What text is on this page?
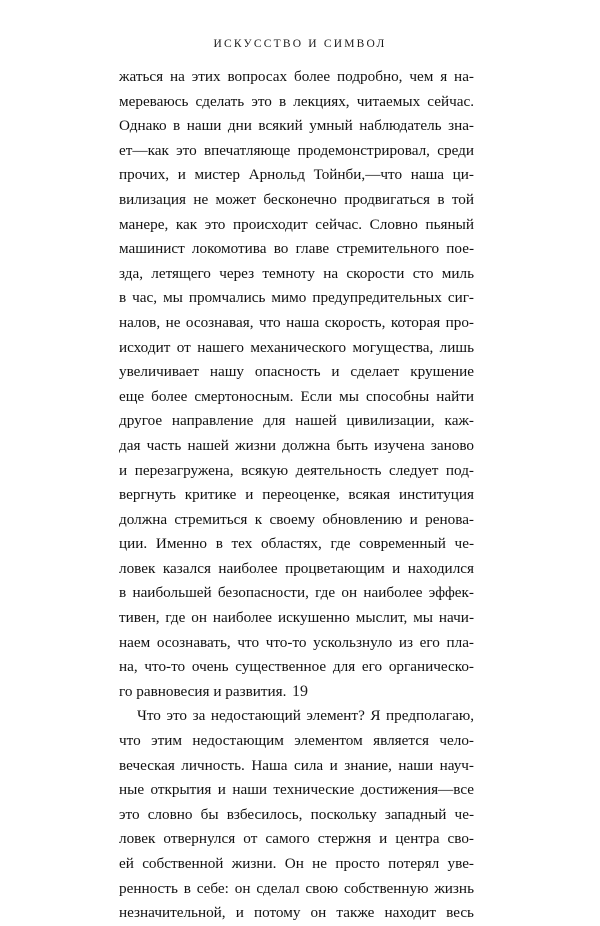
ИСКУССТВО И СИМВОЛ
жаться на этих вопросах более подробно, чем я на-
мереваюсь сделать это в лекциях, читаемых сейчас.
Однако в наши дни всякий умный наблюдатель зна-
ет—как это впечатляюще продемонстрировал, среди
прочих, и мистер Арнольд Тойнби,—что наша ци-
вилизация не может бесконечно продвигаться в той
манере, как это происходит сейчас. Словно пьяный
машинист локомотива во главе стремительного пое-
зда, летящего через темноту на скорости сто миль
в час, мы промчались мимо предупредительных сиг-
налов, не осознавая, что наша скорость, которая про-
исходит от нашего механического могущества, лишь
увеличивает нашу опасность и сделает крушение
еще более смертоносным. Если мы способны найти
другое направление для нашей цивилизации, каж-
дая часть нашей жизни должна быть изучена заново
и перезагружена, всякую деятельность следует под-
вергнуть критике и переоценке, всякая институция
должна стремиться к своему обновлению и ренова-
ции. Именно в тех областях, где современный че-
ловек казался наиболее процветающим и находился
в наибольшей безопасности, где он наиболее эффек-
тивен, где он наиболее искушенно мыслит, мы начи-
наем осознавать, что что-то ускользнуло из его пла-
на, что-то очень существенное для его органическо-
го равновесия и развития.
Что это за недостающий элемент? Я предполагаю,
что этим недостающим элементом является чело-
веческая личность. Наша сила и знание, наши науч-
ные открытия и наши технические достижения—все
это словно бы взбесилось, поскольку западный че-
ловек отвернулся от самого стержня и центра сво-
ей собственной жизни. Он не просто потерял уве-
ренность в себе: он сделал свою собственную жизнь
незначительной, и потому он также находит весь
19
